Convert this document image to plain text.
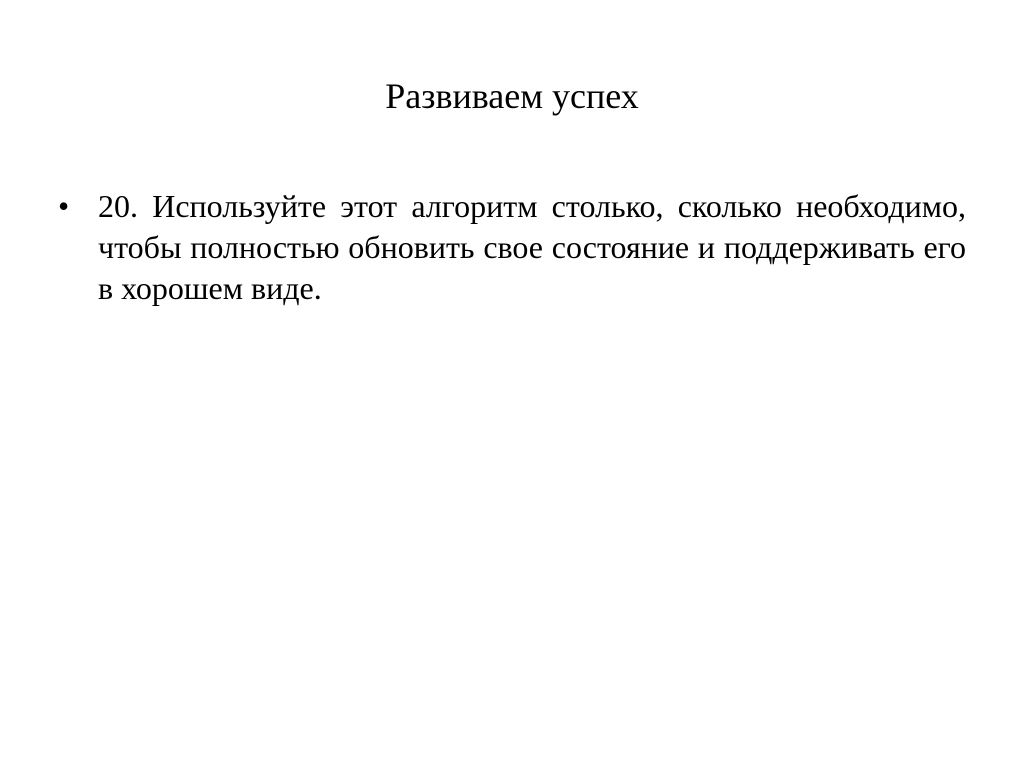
Развиваем успех
• 20. Используйте этот алгоритм столько, сколько необходимо, чтобы полностью обновить свое состояние и поддерживать его в хорошем виде.
